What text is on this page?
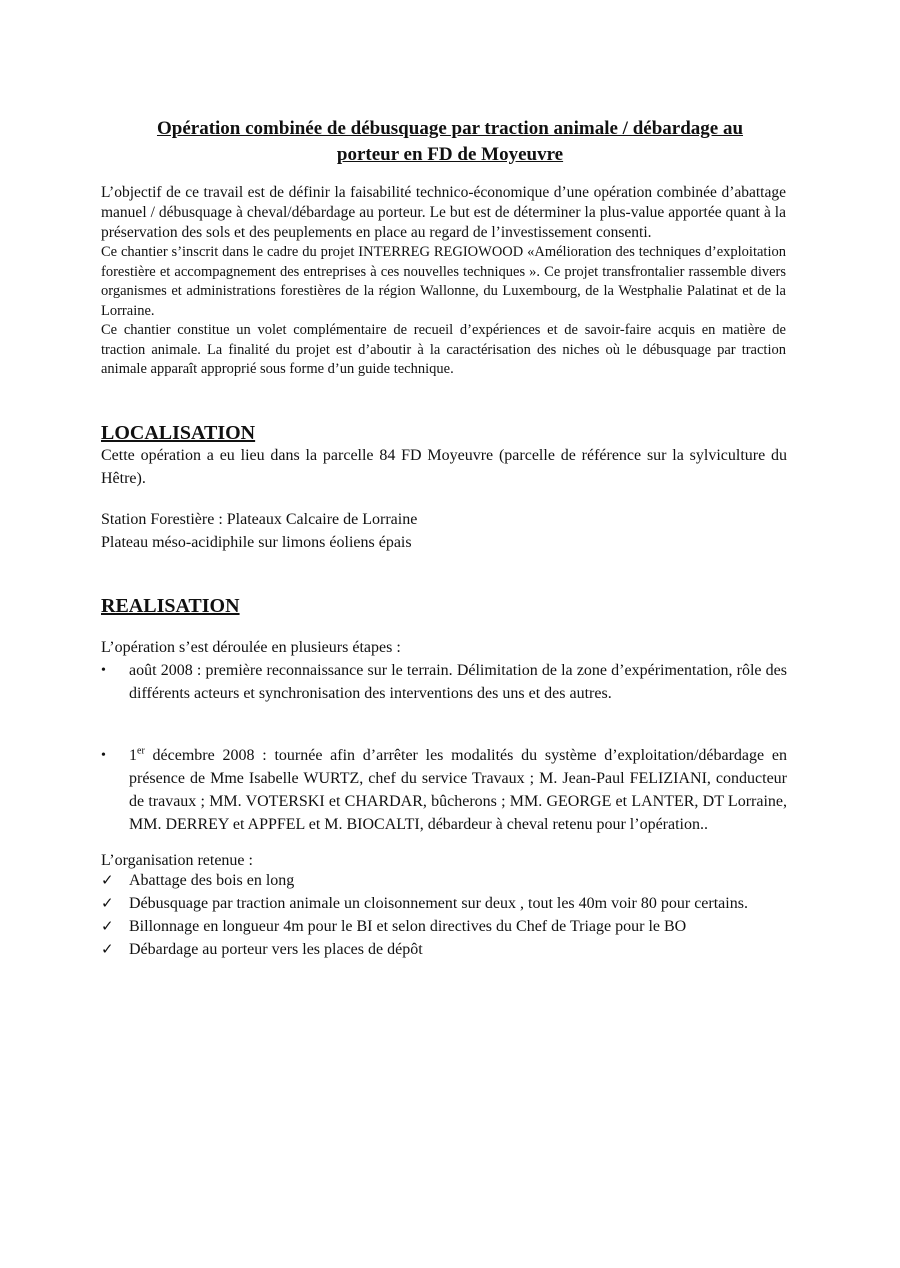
Opération combinée de débusquage par traction animale / débardage au
porteur en FD de Moyeuvre

L’objectif de ce travail est de définir la faisabilité technico-économique d’une opération combinée d’abattage manuel / débusquage à cheval/débardage au porteur. Le but est de déterminer la plus-value apportée quant à la préservation des sols et des peuplements en place au regard de l’investissement consenti.

Ce chantier s’inscrit dans le cadre du projet INTERREG REGIOWOOD «Amélioration des techniques d’exploitation forestière et accompagnement des entreprises à ces nouvelles techniques ». Ce projet transfrontalier rassemble divers organismes et administrations forestières de la région Wallonne, du Luxembourg, de la Westphalie Palatinat et de la Lorraine.

Ce chantier constitue un volet complémentaire de recueil d’expériences et de savoir-faire acquis en matière de traction animale. La finalité du projet est d’aboutir à la caractérisation des niches où le débusquage par traction animale apparaît approprié sous forme d’un guide technique.

LOCALISATION

Cette opération a eu lieu dans la parcelle 84 FD Moyeuvre (parcelle de référence sur la sylviculture du Hêtre).

Station Forestière : Plateaux Calcaire de Lorraine

Plateau méso-acidiphile sur limons éoliens épais

REALISATION

L’opération s’est déroulée en plusieurs étapes :

•	août 2008 : première reconnaissance sur le terrain. Délimitation de la zone d’expérimentation, rôle des différents acteurs et synchronisation des interventions des uns et des autres.
•	1er décembre 2008 : tournée afin d’arrêter les modalités du système d’exploitation/débardage en présence de Mme Isabelle WURTZ, chef du service Travaux ; M. Jean-Paul FELIZIANI, conducteur de travaux ; MM. VOTERSKI et CHARDAR, bûcherons ; MM. GEORGE et LANTER, DT Lorraine, MM. DERREY et APPFEL et M. BIOCALTI, débardeur à cheval retenu pour l’opération..

L’organisation retenue :

✓ Abattage des bois en long
✓ Débusquage par traction animale un cloisonnement sur deux , tout les 40m voir 80 pour certains.
✓ Billonnage en longueur 4m pour le BI et selon directives du Chef de Triage pour le BO
✓ Débardage au porteur vers les places de dépôt
